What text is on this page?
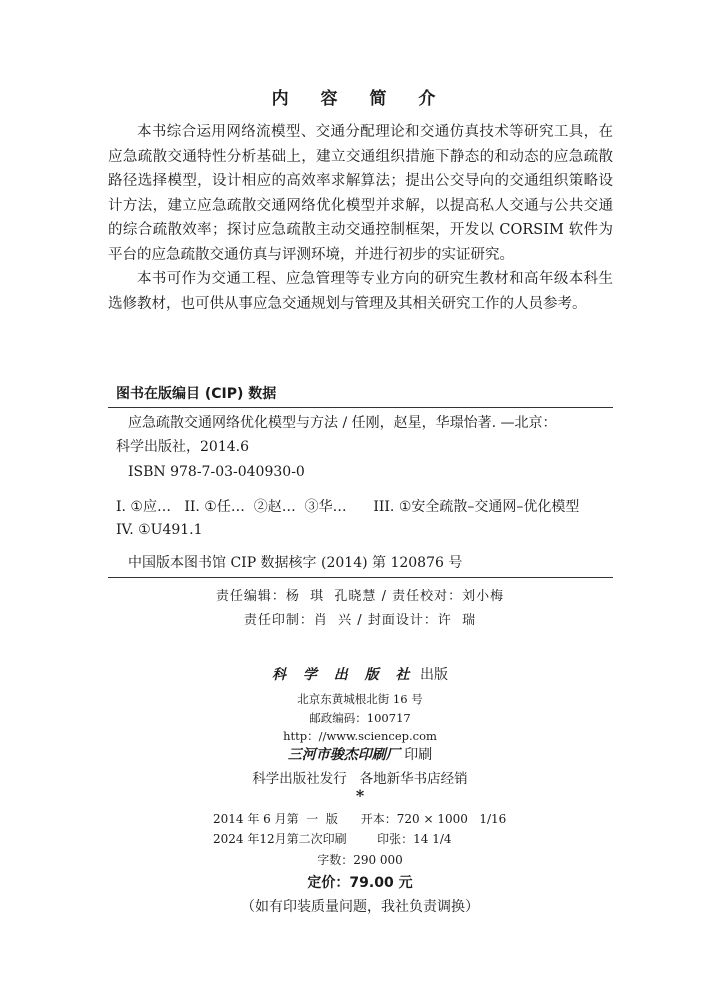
内 容 简 介

本书综合运用网络流模型、交通分配理论和交通仿真技术等研究工具，在应急疏散交通特性分析基础上，建立交通组织措施下静态的和动态的应急疏散路径选择模型，设计相应的高效率求解算法；提出公交导向的交通组织策略设计方法，建立应急疏散交通网络优化模型并求解，以提高私人交通与公共交通的综合疏散效率；探讨应急疏散主动交通控制框架，开发以 CORSIM 软件为平台的应急疏散交通仿真与评测环境，并进行初步的实证研究。

本书可作为交通工程、应急管理等专业方向的研究生教材和高年级本科生选修教材，也可供从事应急交通规划与管理及其相关研究工作的人员参考。

图书在版编目 (CIP) 数据
应急疏散交通网络优化模型与方法 / 任刚，赵星，华璟怡著. —北京：
科学出版社，2014.6
ISBN 978-7-03-040930-0
I. ①应…   II. ①任…  ②赵…  ③华…      III. ①安全疏散–交通网–优化模型
IV. ①U491.1
中国版本图书馆 CIP 数据核字 (2014) 第 120876 号
责任编辑：杨  琪  孔晓慧 / 责任校对：刘小梅
责任印制：肖  兴 / 封面设计：许  瑞
科 学 出 版 社 出版
北京东黄城根北街 16 号
邮政编码：100717
http：//www.sciencep.com
三河市骏杰印刷厂 印刷
科学出版社发行   各地新华书店经销
*
2014 年 6 月第  一  版      开本：720 × 1000   1/16
2024 年12月第二次印刷        印张：14 1/4
字数：290 000
定价：79.00 元
（如有印装质量问题，我社负责调换）
